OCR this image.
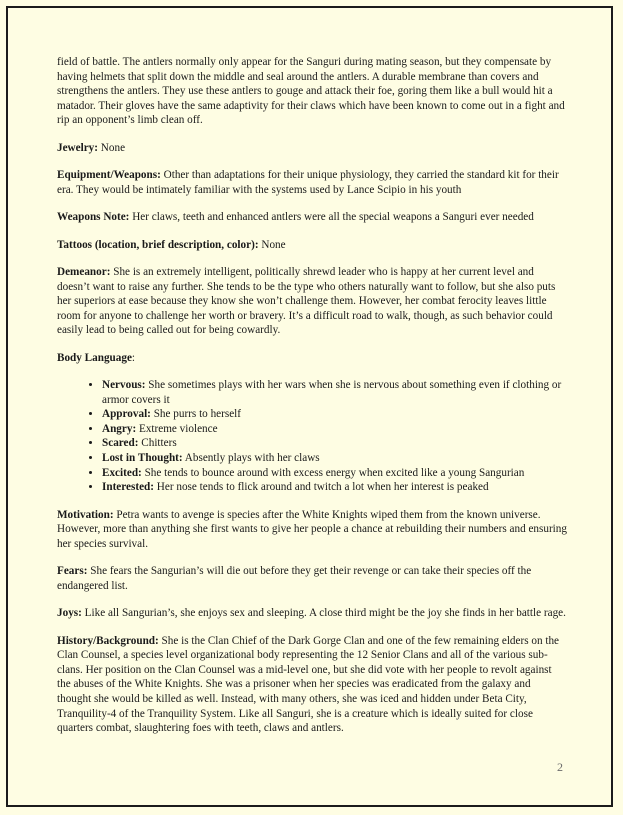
field of battle. The antlers normally only appear for the Sanguri during mating season, but they compensate by having helmets that split down the middle and seal around the antlers. A durable membrane than covers and strengthens the antlers. They use these antlers to gouge and attack their foe, goring them like a bull would hit a matador. Their gloves have the same adaptivity for their claws which have been known to come out in a fight and rip an opponent’s limb clean off.

Jewelry: None

Equipment/Weapons: Other than adaptations for their unique physiology, they carried the standard kit for their era. They would be intimately familiar with the systems used by Lance Scipio in his youth

Weapons Note: Her claws, teeth and enhanced antlers were all the special weapons a Sanguri ever needed

Tattoos (location, brief description, color): None

Demeanor: She is an extremely intelligent, politically shrewd leader who is happy at her current level and doesn’t want to raise any further. She tends to be the type who others naturally want to follow, but she also puts her superiors at ease because they know she won’t challenge them. However, her combat ferocity leaves little room for anyone to challenge her worth or bravery. It’s a difficult road to walk, though, as such behavior could easily lead to being called out for being cowardly.

Body Language:

• Nervous: She sometimes plays with her wars when she is nervous about something even if clothing or armor covers it
• Approval: She purrs to herself
• Angry: Extreme violence
• Scared: Chitters
• Lost in Thought: Absently plays with her claws
• Excited: She tends to bounce around with excess energy when excited like a young Sangurian
• Interested: Her nose tends to flick around and twitch a lot when her interest is peaked

Motivation: Petra wants to avenge is species after the White Knights wiped them from the known universe. However, more than anything she first wants to give her people a chance at rebuilding their numbers and ensuring her species survival.

Fears: She fears the Sangurian’s will die out before they get their revenge or can take their species off the endangered list.

Joys: Like all Sangurian’s, she enjoys sex and sleeping. A close third might be the joy she finds in her battle rage.

History/Background: She is the Clan Chief of the Dark Gorge Clan and one of the few remaining elders on the Clan Counsel, a species level organizational body representing the 12 Senior Clans and all of the various sub-clans. Her position on the Clan Counsel was a mid-level one, but she did vote with her people to revolt against the abuses of the White Knights. She was a prisoner when her species was eradicated from the galaxy and thought she would be killed as well. Instead, with many others, she was iced and hidden under Beta City, Tranquility-4 of the Tranquility System. Like all Sanguri, she is a creature which is ideally suited for close quarters combat, slaughtering foes with teeth, claws and antlers.

2
